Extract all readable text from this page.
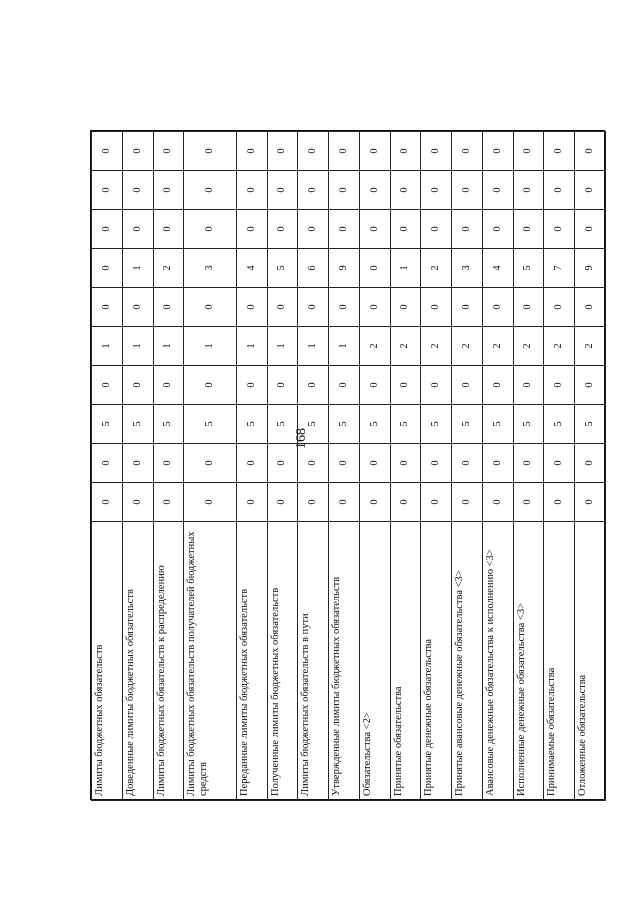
168
Лимиты бюджетных обязательств	0	0	5	0	1	0	0	0	0	0
Доведенные лимиты бюджетных обязательств	0	0	5	0	1	0	1	0	0	0
Лимиты бюджетных обязательств к распределению	0	0	5	0	1	0	2	0	0	0
Лимиты бюджетных обязательств получателей бюджетных средств	0	0	5	0	1	0	3	0	0	0
Переданные лимиты бюджетных обязательств	0	0	5	0	1	0	4	0	0	0
Полученные лимиты бюджетных обязательств	0	0	5	0	1	0	5	0	0	0
Лимиты бюджетных обязательств в пути	0	0	5	0	1	0	6	0	0	0
Утвержденные лимиты бюджетных обязательств	0	0	5	0	1	0	9	0	0	0
Обязательства <2>	0	0	5	0	2	0	0	0	0	0
Принятые обязательства	0	0	5	0	2	0	1	0	0	0
Принятые денежные обязательства	0	0	5	0	2	0	2	0	0	0
Принятые авансовые денежные обязательства <3>	0	0	5	0	2	0	3	0	0	0
Авансовые денежные обязательства к исполнению <3>	0	0	5	0	2	0	4	0	0	0
Исполненные денежные обязательства <3>	0	0	5	0	2	0	5	0	0	0
Принимаемые обязательства	0	0	5	0	2	0	7	0	0	0
Отложенные обязательства	0	0	5	0	2	0	9	0	0	0
